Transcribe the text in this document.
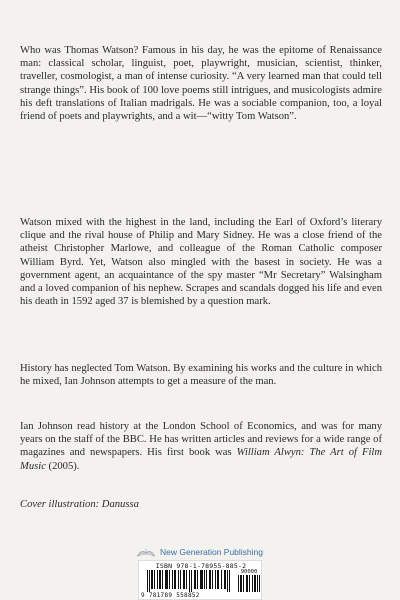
Who was Thomas Watson? Famous in his day, he was the epitome of Renaissance man: classical scholar, linguist, poet, playwright, musician, scientist, thinker, traveller, cosmologist, a man of intense curiosity. “A very learned man that could tell strange things”. His book of 100 love poems still intrigues, and musicologists admire his deft translations of Italian madrigals. He was a sociable companion, too, a loyal friend of poets and playwrights, and a wit—“witty Tom Watson”.

Watson mixed with the highest in the land, including the Earl of Oxford’s literary clique and the rival house of Philip and Mary Sidney. He was a close friend of the atheist Christopher Marlowe, and colleague of the Roman Catholic composer William Byrd. Yet, Watson also mingled with the basest in society. He was a government agent, an acquaintance of the spy master “Mr Secretary” Walsingham and a loved companion of his nephew. Scrapes and scandals dogged his life and even his death in 1592 aged 37 is blemished by a question mark.

History has neglected Tom Watson. By examining his works and the culture in which he mixed, Ian Johnson attempts to get a measure of the man.

Ian Johnson read history at the London School of Economics, and was for many years on the staff of the BBC. He has written articles and reviews for a wide range of magazines and newspapers. His first book was William Alwyn: The Art of Film Music (2005).

Cover illustration: Danussa

New Generation Publishing
ISBN 978-1-78955-885-2
90000
9 781789 558852
